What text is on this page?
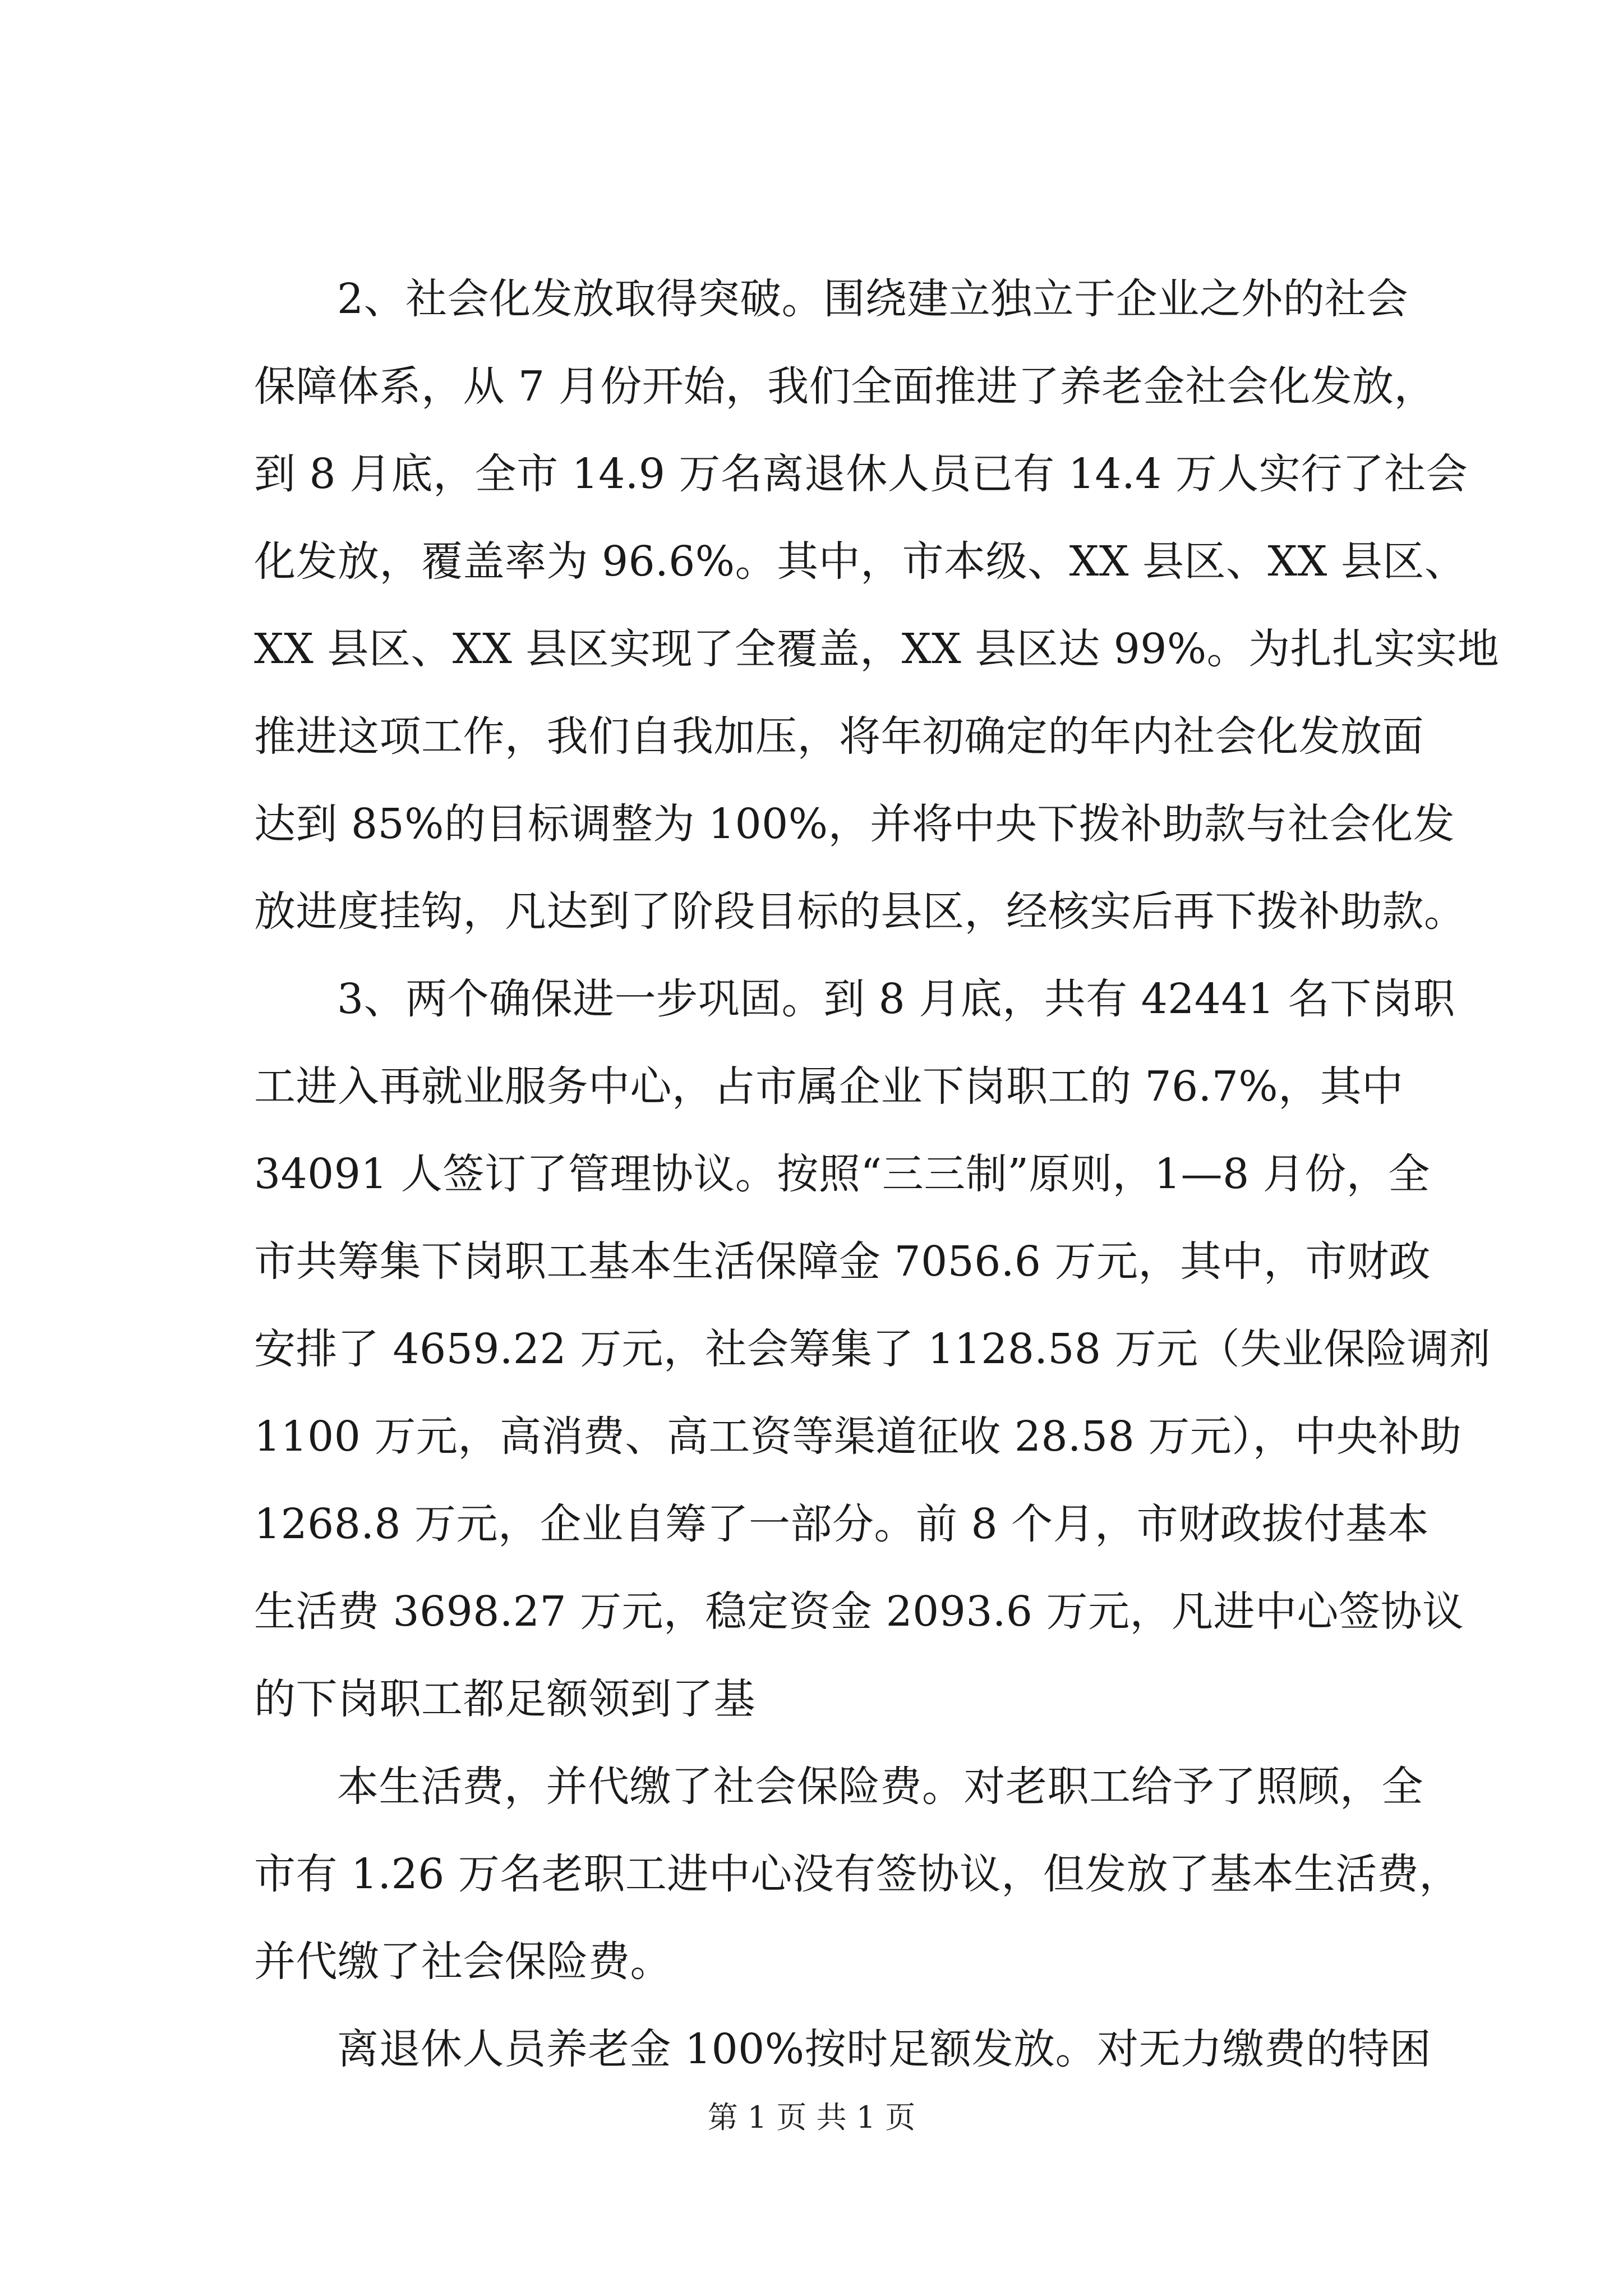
2、社会化发放取得突破。围绕建立独立于企业之外的社会
保障体系，从 7 月份开始，我们全面推进了养老金社会化发放，
到 8 月底，全市 14.9 万名离退休人员已有 14.4 万人实行了社会
化发放，覆盖率为 96.6%。其中，市本级、XX 县区、XX 县区、
XX 县区、XX 县区实现了全覆盖，XX 县区达 99%。为扎扎实实地
推进这项工作，我们自我加压，将年初确定的年内社会化发放面
达到 85%的目标调整为 100%，并将中央下拨补助款与社会化发
放进度挂钩，凡达到了阶段目标的县区，经核实后再下拨补助款。
3、两个确保进一步巩固。到 8 月底，共有 42441 名下岗职
工进入再就业服务中心，占市属企业下岗职工的 76.7%，其中
34091 人签订了管理协议。按照“三三制”原则，1—8 月份，全
市共筹集下岗职工基本生活保障金 7056.6 万元，其中，市财政
安排了 4659.22 万元，社会筹集了 1128.58 万元（失业保险调剂
1100 万元，高消费、高工资等渠道征收 28.58 万元），中央补助
1268.8 万元，企业自筹了一部分。前 8 个月，市财政拔付基本
生活费 3698.27 万元，稳定资金 2093.6 万元，凡进中心签协议
的下岗职工都足额领到了基
本生活费，并代缴了社会保险费。对老职工给予了照顾，全
市有 1.26 万名老职工进中心没有签协议，但发放了基本生活费，
并代缴了社会保险费。
离退休人员养老金 100%按时足额发放。对无力缴费的特困
第 1 页 共 1 页
